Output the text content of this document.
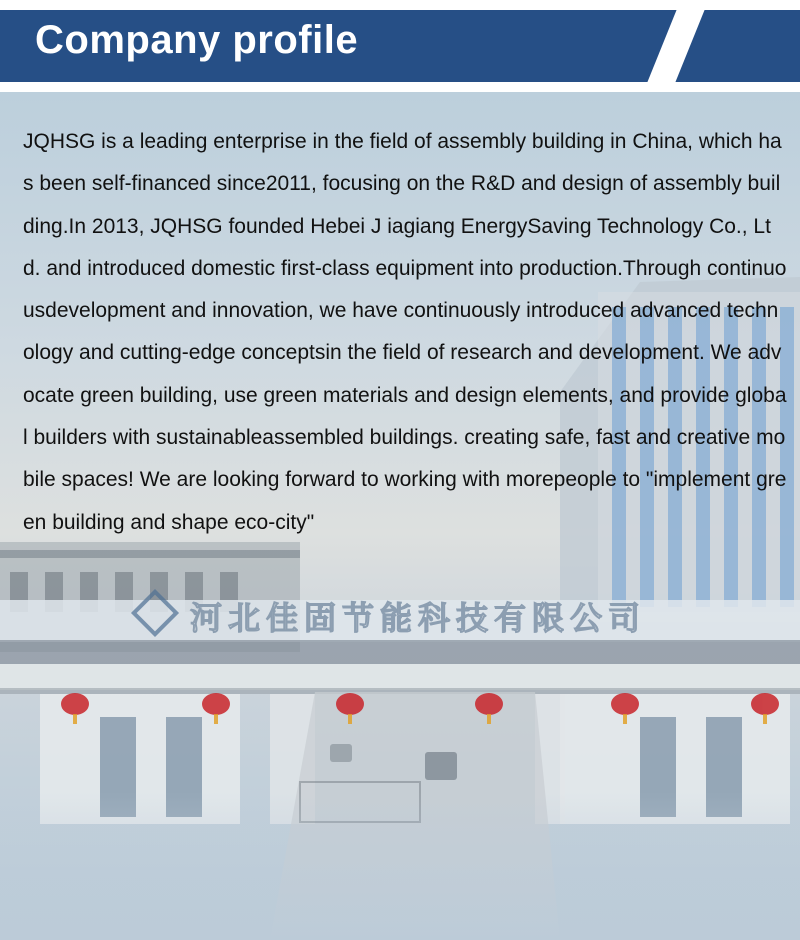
河北佳固节能科技有限公司
Company profile

JQHSG is a leading enterprise in the field of assembly building in China, which has been self-financed since2011, focusing on the R&D and design of assembly building.In 2013, JQHSG founded Hebei J iagiang EnergySaving Technology Co., Ltd. and introduced domestic first-class equipment into production.Through continuousdevelopment and innovation, we have continuously introduced advanced technology and cutting-edge conceptsin the field of research and development. We advocate green building, use green materials and design elements, and provide global builders with sustainableassembled buildings. creating safe, fast and creative mobile spaces! We are looking forward to working with morepeople to "implement green building and shape eco-city"
